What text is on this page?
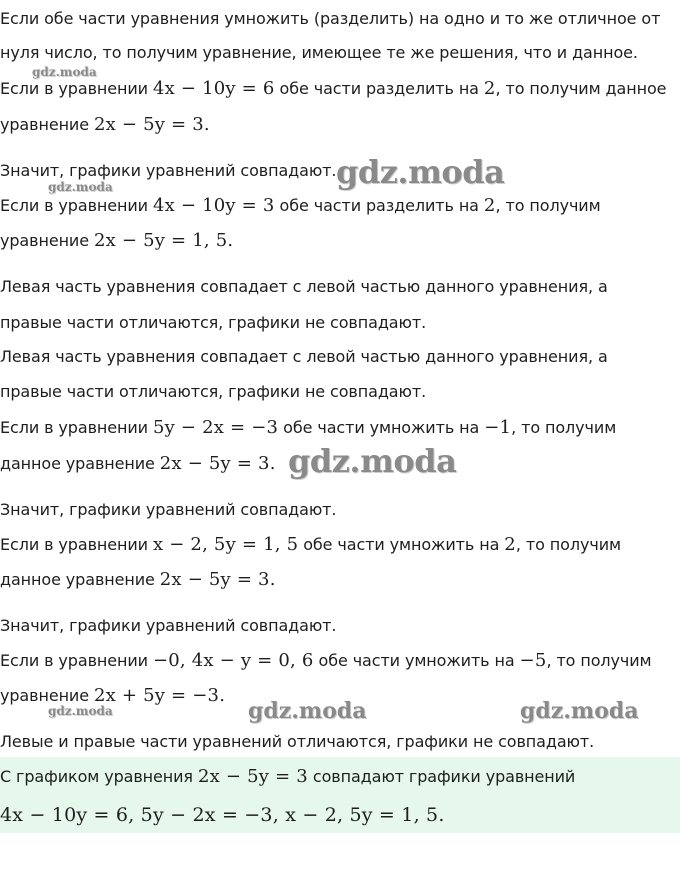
Если обе части уравнения умножить (разделить) на одно и то же отличное от
нуля число, то получим уравнение, имеющее те же решения, что и данное.
Если в уравнении 4x − 10y = 6 обе части разделить на 2, то получим данное
уравнение 2x − 5y = 3.
Значит, графики уравнений совпадают.
Если в уравнении 4x − 10y = 3 обе части разделить на 2, то получим
уравнение 2x − 5y = 1, 5.
Левая часть уравнения совпадает с левой частью данного уравнения, а
правые части отличаются, графики не совпадают.
Левая часть уравнения совпадает с левой частью данного уравнения, а
правые части отличаются, графики не совпадают.
Если в уравнении 5y − 2x = −3 обе части умножить на −1, то получим
данное уравнение 2x − 5y = 3.
Значит, графики уравнений совпадают.
Если в уравнении x − 2, 5y = 1, 5 обе части умножить на 2, то получим
данное уравнение 2x − 5y = 3.
Значит, графики уравнений совпадают.
Если в уравнении −0, 4x − y = 0, 6 обе части умножить на −5, то получим
уравнение 2x + 5y = −3.
Левые и правые части уравнений отличаются, графики не совпадают.
С графиком уравнения 2x − 5y = 3 совпадают графики уравнений
4x − 10y = 6, 5y − 2x = −3, x − 2, 5y = 1, 5.
gdz.moda
gdz.moda
gdz.moda
gdz.moda
gdz.moda	gdz.moda	gdz.moda
